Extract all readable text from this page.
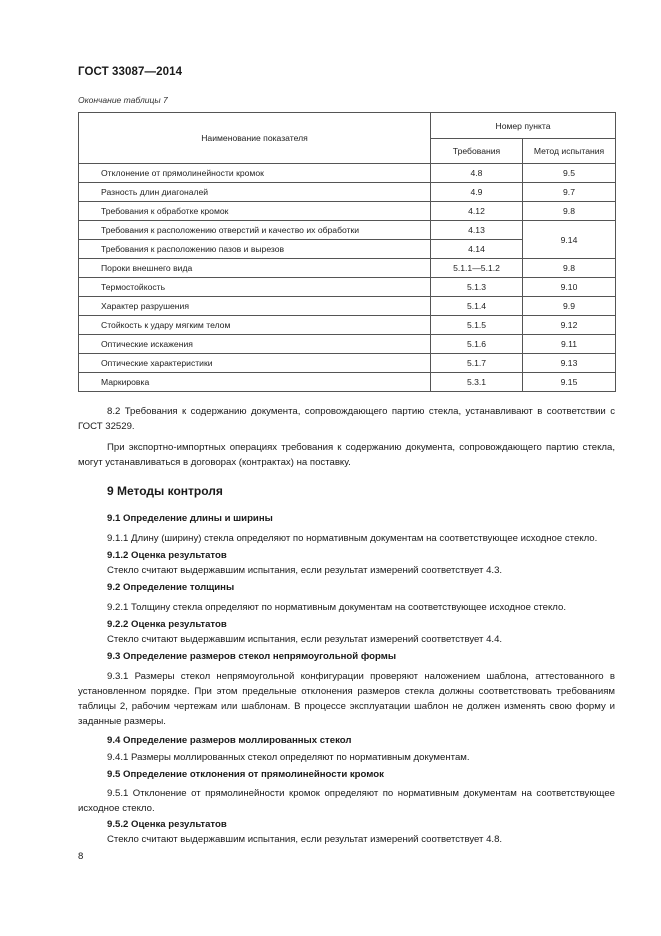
ГОСТ 33087—2014
Окончание таблицы 7
Наименование показателя	Номер пункта	
	Требования	Метод испытания
Отклонение от прямолинейности кромок	4.8	9.5
Разность длин диагоналей	4.9	9.7
Требования к обработке кромок	4.12	9.8
Требования к расположению отверстий и качество их обработки	4.13	9.14
Требования к расположению пазов и вырезов	4.14	
Пороки внешнего вида	5.1.1—5.1.2	9.8
Термостойкость	5.1.3	9.10
Характер разрушения	5.1.4	9.9
Стойкость к удару мягким телом	5.1.5	9.12
Оптические искажения	5.1.6	9.11
Оптические характеристики	5.1.7	9.13
Маркировка	5.3.1	9.15

8.2 Требования к содержанию документа, сопровождающего партию стекла, устанавливают в соответствии с ГОСТ 32529.

При экспортно-импортных операциях требования к содержанию документа, сопровождающего партию стекла, могут устанавливаться в договорах (контрактах) на поставку.

9 Методы контроля
9.1 Определение длины и ширины

9.1.1 Длину (ширину) стекла определяют по нормативным документам на соответствующее исходное стекло.

9.1.2 Оценка результатов

Стекло считают выдержавшим испытания, если результат измерений соответствует 4.3.

9.2 Определение толщины

9.2.1 Толщину стекла определяют по нормативным документам на соответствующее исходное стекло.

9.2.2 Оценка результатов

Стекло считают выдержавшим испытания, если результат измерений соответствует 4.4.

9.3 Определение размеров стекол непрямоугольной формы

9.3.1 Размеры стекол непрямоугольной конфигурации проверяют наложением шаблона, аттестованного в установленном порядке. При этом предельные отклонения размеров стекла должны соответствовать требованиям таблицы 2, рабочим чертежам или шаблонам. В процессе эксплуатации шаблон не должен изменять свою форму и заданные размеры.

9.4 Определение размеров моллированных стекол

9.4.1 Размеры моллированных стекол определяют по нормативным документам.

9.5 Определение отклонения от прямолинейности кромок

9.5.1 Отклонение от прямолинейности кромок определяют по нормативным документам на соответствующее исходное стекло.

9.5.2 Оценка результатов

Стекло считают выдержавшим испытания, если результат измерений соответствует 4.8.

8
